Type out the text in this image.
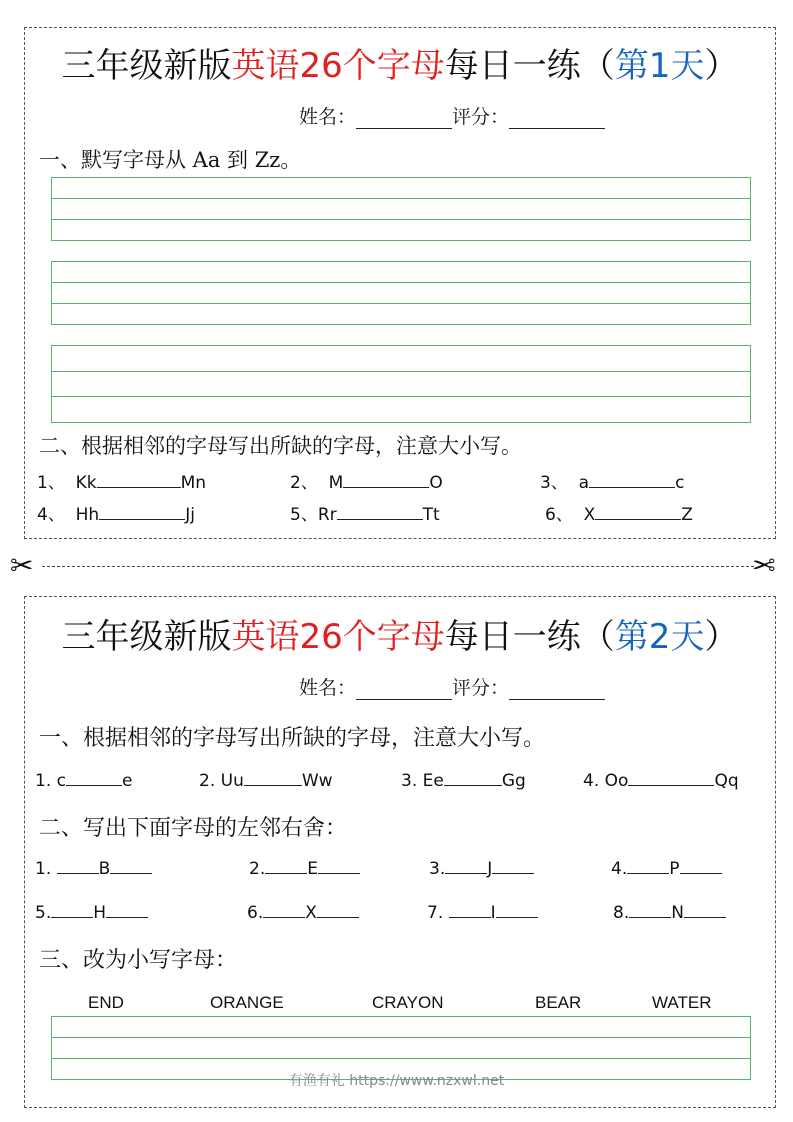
三年级新版英语26个字母每日一练（第1天）
姓名：	评分：
一、默写字母从 Aa 到 Zz。
二、根据相邻的字母写出所缺的字母，注意大小写。
1、 Kk	Mn	2、 M	O	3、 a	c
4、 Hh	Jj	5、Rr	Tt	6、 X	Z
✂	✂
三年级新版英语26个字母每日一练（第2天）
姓名：	评分：
一、根据相邻的字母写出所缺的字母，注意大小写。
1. c	e	2. Uu	Ww	3. Ee	Gg	4. Oo	Qq
二、写出下面字母的左邻右舍：
1.	B	2. E	3. J	4. P
5. H	6. X	7.	I	8. N
三、改为小写字母：
END	ORANGE	CRAYON	BEAR	WATER
有渔有礼 https://www.nzxwl.net
